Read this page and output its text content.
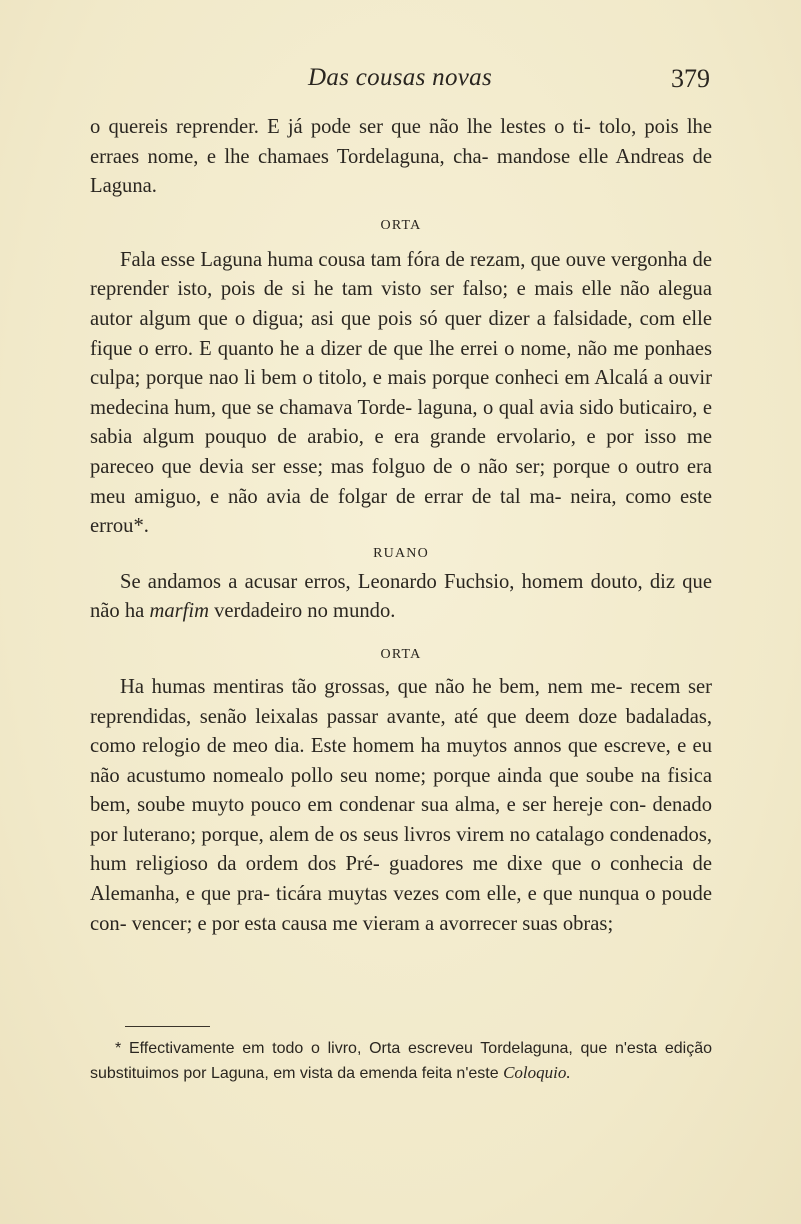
Das cousas novas	379

o quereis reprender. E já pode ser que não lhe lestes o ti- tolo, pois lhe erraes nome, e lhe chamaes Tordelaguna, cha- mandose elle Andreas de Laguna.

ORTA

Fala esse Laguna huma cousa tam fóra de rezam, que ouve vergonha de reprender isto, pois de si he tam visto ser falso; e mais elle não alegua autor algum que o digua; asi que pois só quer dizer a falsidade, com elle fique o erro. E quanto he a dizer de que lhe errei o nome, não me ponhaes culpa; porque nao li bem o titolo, e mais porque conheci em Alcalá a ouvir medecina hum, que se chamava Torde- laguna, o qual avia sido buticairo, e sabia algum pouquo de arabio, e era grande ervolario, e por isso me pareceo que devia ser esse; mas folguo de o não ser; porque o outro era meu amiguo, e não avia de folgar de errar de tal ma- neira, como este errou*.

RUANO

Se andamos a acusar erros, Leonardo Fuchsio, homem douto, diz que não ha marfim verdadeiro no mundo.

ORTA

Ha humas mentiras tão grossas, que não he bem, nem me- recem ser reprendidas, senão leixalas passar avante, até que deem doze badaladas, como relogio de meo dia. Este homem ha muytos annos que escreve, e eu não acustumo nomealo pollo seu nome; porque ainda que soube na fisica bem, soube muyto pouco em condenar sua alma, e ser hereje con- denado por luterano; porque, alem de os seus livros virem no catalago condenados, hum religioso da ordem dos Pré- guadores me dixe que o conhecia de Alemanha, e que pra- ticára muytas vezes com elle, e que nunqua o poude con- vencer; e por esta causa me vieram a avorrecer suas obras;

* Effectivamente em todo o livro, Orta escreveu Tordelaguna, que n'esta edição substituimos por Laguna, em vista da emenda feita n'este Coloquio.
